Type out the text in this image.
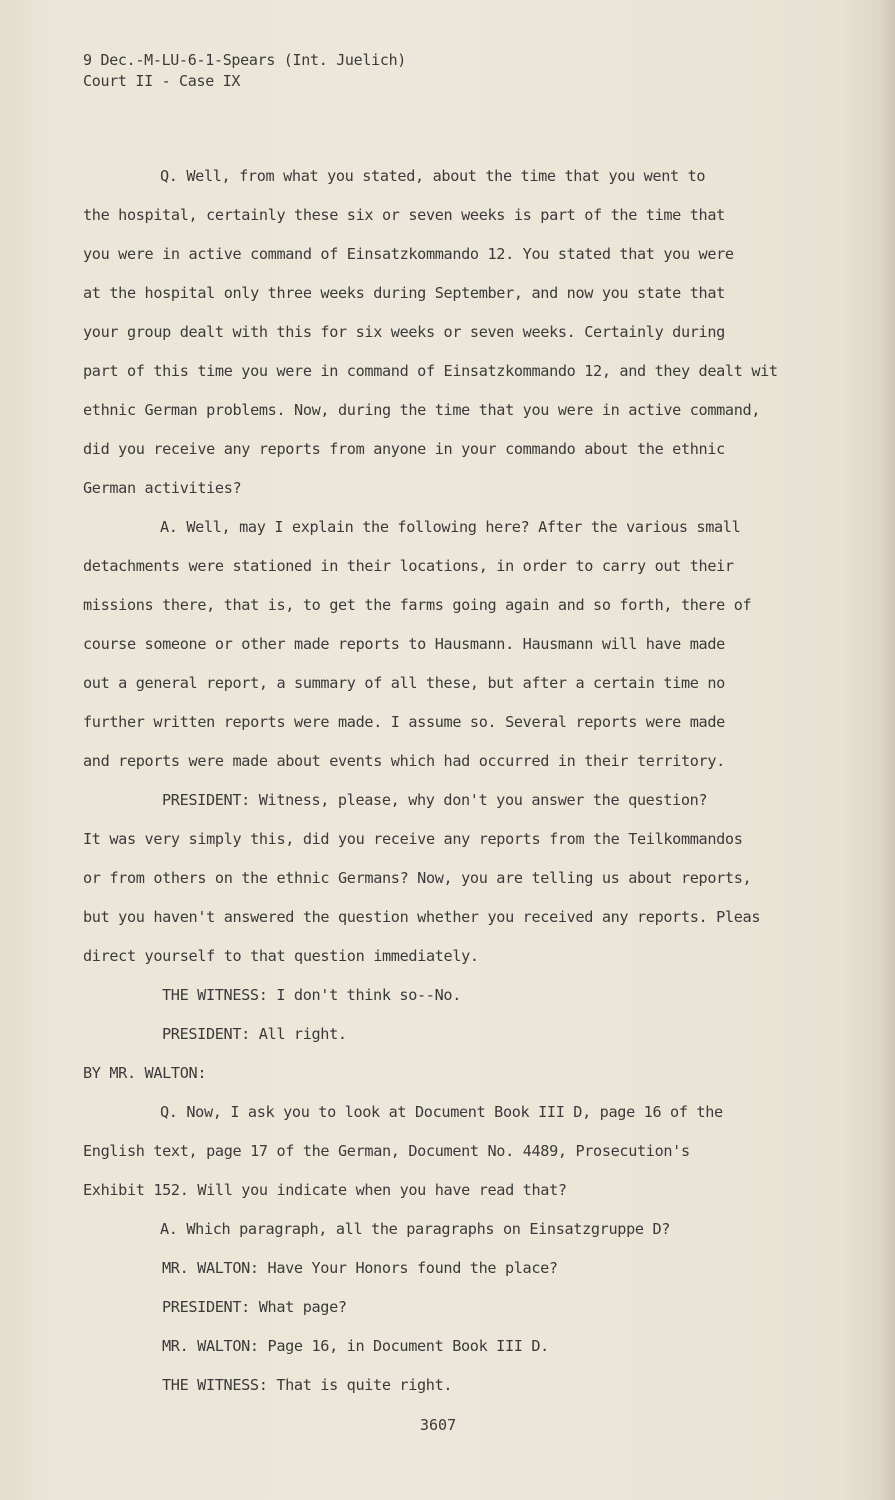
9 Dec.-M-LU-6-1-Spears (Int. Juelich)
Court II - Case IX
Q. Well, from what you stated, about the time that you went to
the hospital, certainly these six or seven weeks is part of the time that
you were in active command of Einsatzkommando 12. You stated that you were
at the hospital only three weeks during September, and now you state that
your group dealt with this for six weeks or seven weeks. Certainly during
part of this time you were in command of Einsatzkommando 12, and they dealt wit
ethnic German problems. Now, during the time that you were in active command,
did you receive any reports from anyone in your commando about the ethnic
German activities?
A. Well, may I explain the following here? After the various small
detachments were stationed in their locations, in order to carry out their
missions there, that is, to get the farms going again and so forth, there of
course someone or other made reports to Hausmann. Hausmann will have made
out a general report, a summary of all these, but after a certain time no
further written reports were made. I assume so. Several reports were made
and reports were made about events which had occurred in their territory.
PRESIDENT: Witness, please, why don't you answer the question?
It was very simply this, did you receive any reports from the Teilkommandos
or from others on the ethnic Germans? Now, you are telling us about reports,
but you haven't answered the question whether you received any reports. Pleas
direct yourself to that question immediately.
THE WITNESS: I don't think so--No.
PRESIDENT: All right.
BY MR. WALTON:
Q. Now, I ask you to look at Document Book III D, page 16 of the
English text, page 17 of the German, Document No. 4489, Prosecution's
Exhibit 152. Will you indicate when you have read that?
A. Which paragraph, all the paragraphs on Einsatzgruppe D?
MR. WALTON: Have Your Honors found the place?
PRESIDENT: What page?
MR. WALTON: Page 16, in Document Book III D.
THE WITNESS: That is quite right.
3607
